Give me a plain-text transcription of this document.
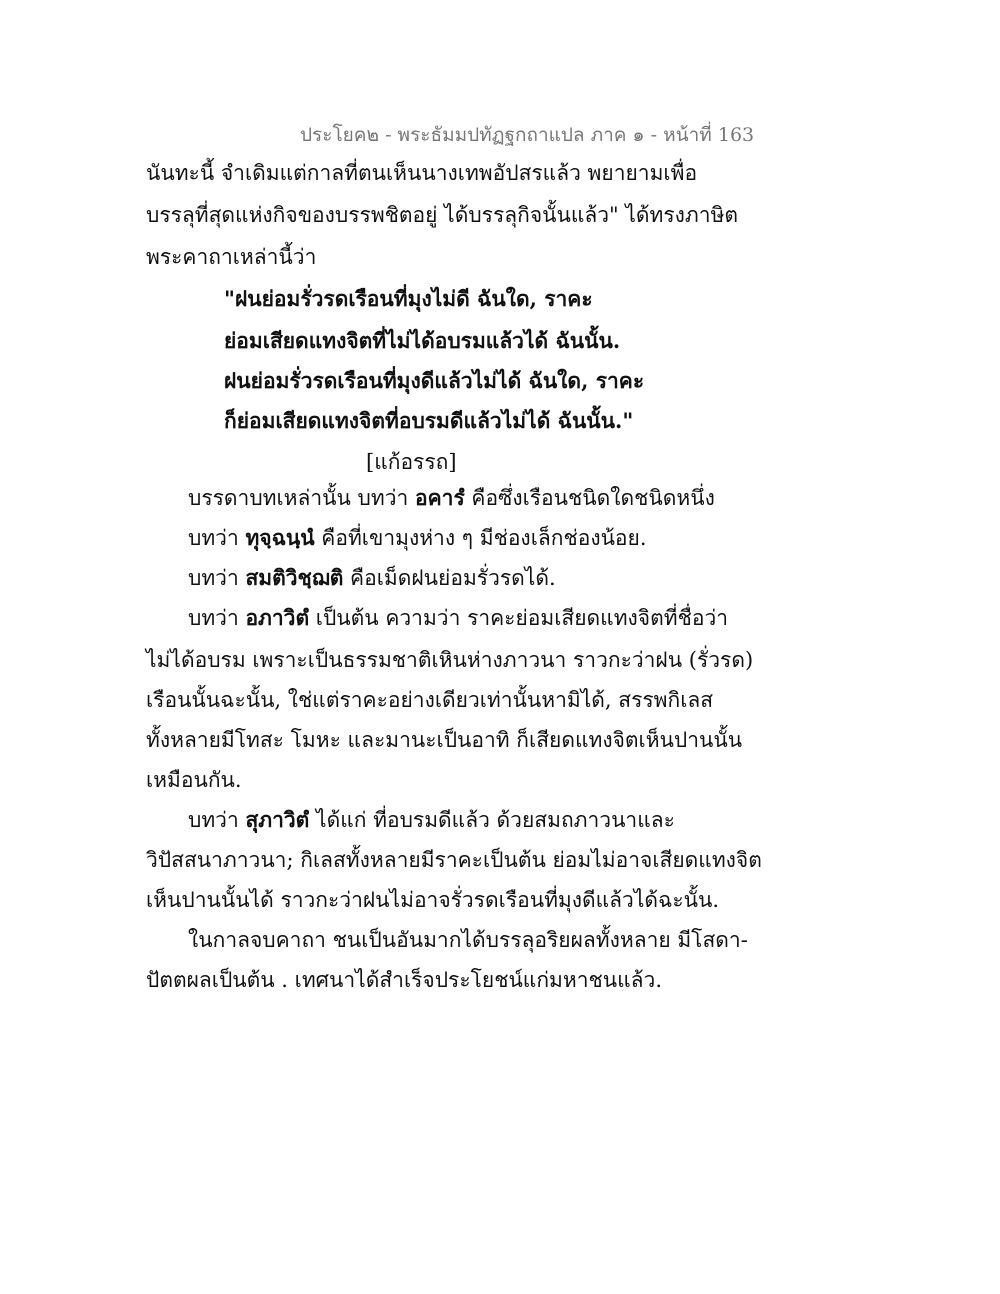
ประโยค๒ - พระธัมมปทัฏฐกถาแปล ภาค ๑ - หน้าที่ 163
นันทะนี้ จำเดิมแต่กาลที่ตนเห็นนางเทพอัปสรแล้ว พยายามเพื่อ
บรรลุที่สุดแห่งกิจของบรรพชิตอยู่ ได้บรรลุกิจนั้นแล้ว" ได้ทรงภาษิต
พระคาถาเหล่านี้ว่า
"ฝนย่อมรั่วรดเรือนที่มุงไม่ดี ฉันใด, ราคะ
ย่อมเสียดแทงจิตที่ไม่ได้อบรมแล้วได้ ฉันนั้น.
ฝนย่อมรั่วรดเรือนที่มุงดีแล้วไม่ได้ ฉันใด, ราคะ
ก็ย่อมเสียดแทงจิตที่อบรมดีแล้วไม่ได้ ฉันนั้น."
[แก้อรรถ]
บรรดาบทเหล่านั้น บทว่า อคารํ คือซึ่งเรือนชนิดใดชนิดหนึ่ง
บทว่า ทุจฺฉนฺนํ คือที่เขามุงห่าง ๆ มีช่องเล็กช่องน้อย.
บทว่า สมติวิชฺฌติ คือเม็ดฝนย่อมรั่วรดได้.
บทว่า อภาวิตํ เป็นต้น ความว่า ราคะย่อมเสียดแทงจิตที่ชื่อว่า
ไม่ได้อบรม เพราะเป็นธรรมชาติเหินห่างภาวนา ราวกะว่าฝน (รั่วรด)
เรือนนั้นฉะนั้น, ใช่แต่ราคะอย่างเดียวเท่านั้นหามิได้, สรรพกิเลส
ทั้งหลายมีโทสะ โมหะ และมานะเป็นอาทิ ก็เสียดแทงจิตเห็นปานนั้น
เหมือนกัน.
บทว่า สุภาวิตํ ได้แก่ ที่อบรมดีแล้ว ด้วยสมถภาวนาและ
วิปัสสนาภาวนา; กิเลสทั้งหลายมีราคะเป็นต้น ย่อมไม่อาจเสียดแทงจิต
เห็นปานนั้นได้ ราวกะว่าฝนไม่อาจรั่วรดเรือนที่มุงดีแล้วได้ฉะนั้น.
ในกาลจบคาถา ชนเป็นอันมากได้บรรลุอริยผลทั้งหลาย มีโสดา-
ปัตตผลเป็นต้น . เทศนาได้สำเร็จประโยชน์แก่มหาชนแล้ว.
